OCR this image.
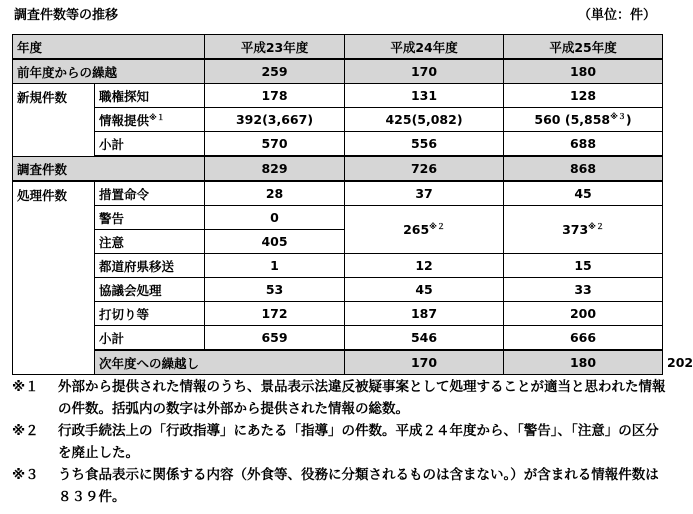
調査件数等の推移	（単位：件）
年度		平成23年度	平成24年度	平成25年度	
前年度からの繰越		259	170	180	
新規件数	職権探知	178	131	128	
	情報提供$^{※1}$	392(3,667)	425(5,082)	560 (5,858$^{※3}$)	
	小計	570	556	688	
調査件数		829	726	868	
処理件数	措置命令	28	37	45	
	警告	0	265$^{※2}$	373$^{※2}$
	注意	405			
	都道府県移送	1	12	15	
	協議会処理	53	45	33	
	打切り等	172	187	200	
	小計	659	546	666	
	次年度への繰越し		170	180	202
※１	外部から提供された情報のうち、景品表示法違反被疑事案として処理することが適当と思われた情報の件数。括弧内の数字は外部から提供された情報の総数。
※２	行政手続法上の「行政指導」にあたる「指導」の件数。平成２４年度から、「警告」、「注意」の区分を廃止した。
※３	うち食品表示に関係する内容（外食等、役務に分類されるものは含まない。）が含まれる情報件数は８３９件。
